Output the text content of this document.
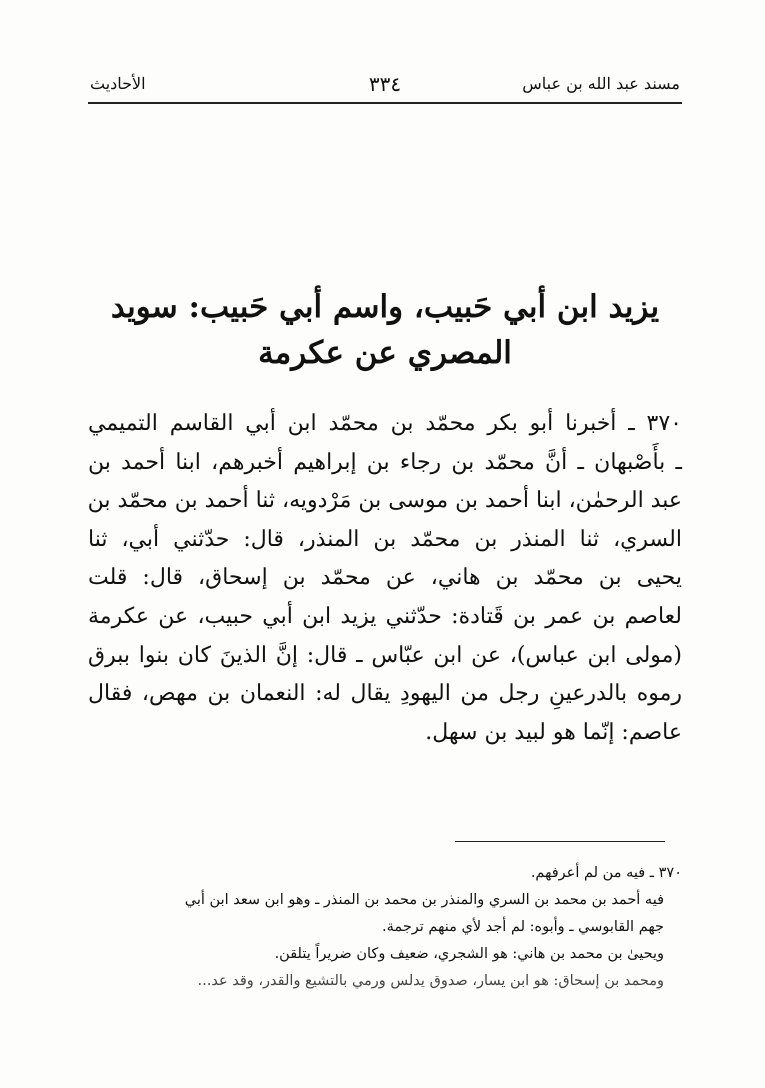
مسند عبد الله بن عباس
٣٣٤
الأحاديث
يزيد ابن أبي حَبيب، واسم أبي حَبيب: سويد
المصري عن عكرمة
٣٧٠ ـ أخبرنا أبو بكر محمّد بن محمّد ابن أبي القاسم التميمي
ـ بأَصْبهان ـ أنَّ محمّد بن رجاء بن إبراهيم أخبرهم، ابنا أحمد بن
عبد الرحمٰن، ابنا أحمد بن موسى بن مَرْدويه، ثنا أحمد بن محمّد بن
السري، ثنا المنذر بن محمّد بن المنذر، قال: حدّثني أبي، ثنا
يحيى بن محمّد بن هاني، عن محمّد بن إسحاق، قال: قلت
لعاصم بن عمر بن قَتادة: حدّثني يزيد ابن أبي حبيب، عن عكرمة
(مولى ابن عباس)، عن ابن عبّاس ـ قال: إنَّ الذينَ كان بنوا ببرق
رموه بالدرعينِ رجل من اليهودِ يقال له: النعمان بن مهص، فقال
عاصم: إنّما هو لبيد بن سهل.
٣٧٠ ـ فيه من لم أعرفهم.
فيه أحمد بن محمد بن السري والمنذر بن محمد بن المنذر ـ وهو ابن سعد ابن أبي
جهم القابوسي ـ وأبوه: لم أجد لأي منهم ترجمة.
ويحيىٰ بن محمد بن هاني: هو الشجري، ضعيف وكان ضريراً يتلقن.
ومحمد بن إسحاق: هو ابن يسار، صدوق يدلس ورمي بالتشيع والقدر، وقد عد...
